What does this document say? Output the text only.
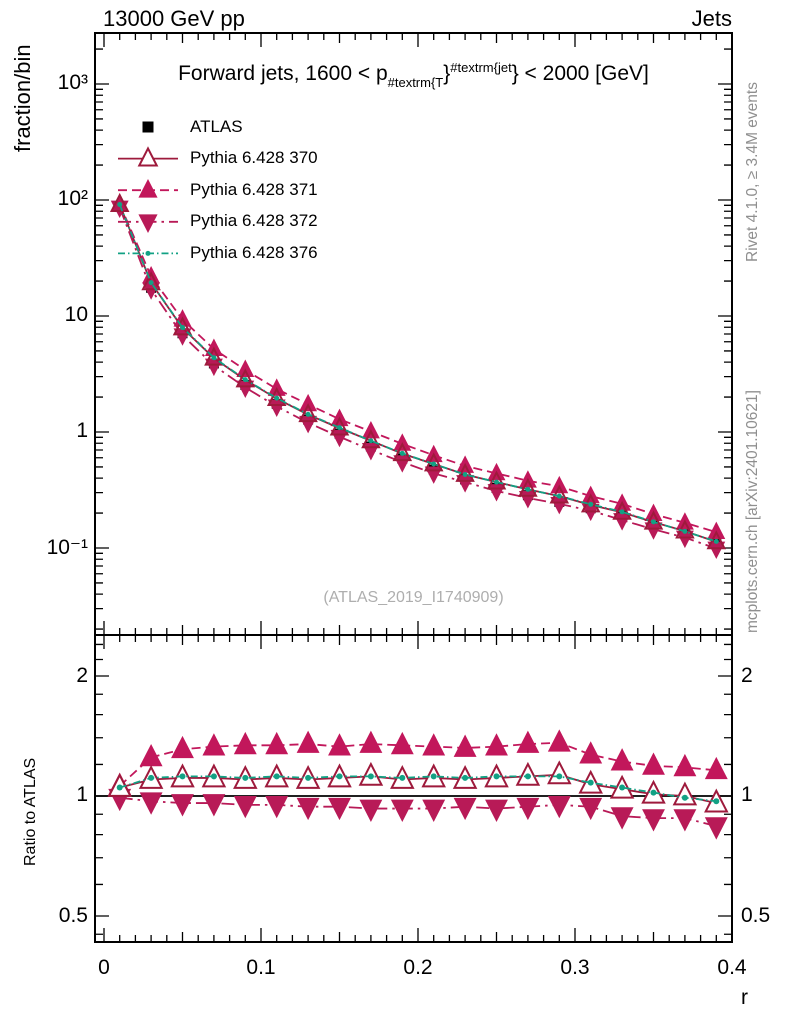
13000 GeV pp	Jets
Forward jets, $1600 < p_{\#textrm\{T}\}^{\#textrm\{jet}\} < 2000$ [GeV]
ATLAS
Pythia 6.428 370
Pythia 6.428 371
Pythia 6.428 372
Pythia 6.428 376
(ATLAS_2019_I1740909)
fraction/bin
Ratio to ATLAS
Rivet 4.1.0, ≥ 3.4M events
mcplots.cern.ch [arXiv:2401.10621]
10³
10²
10
1
10⁻¹
2
1
0.5
2
1
0.5
0	0.1	0.2	0.3	0.4
r
